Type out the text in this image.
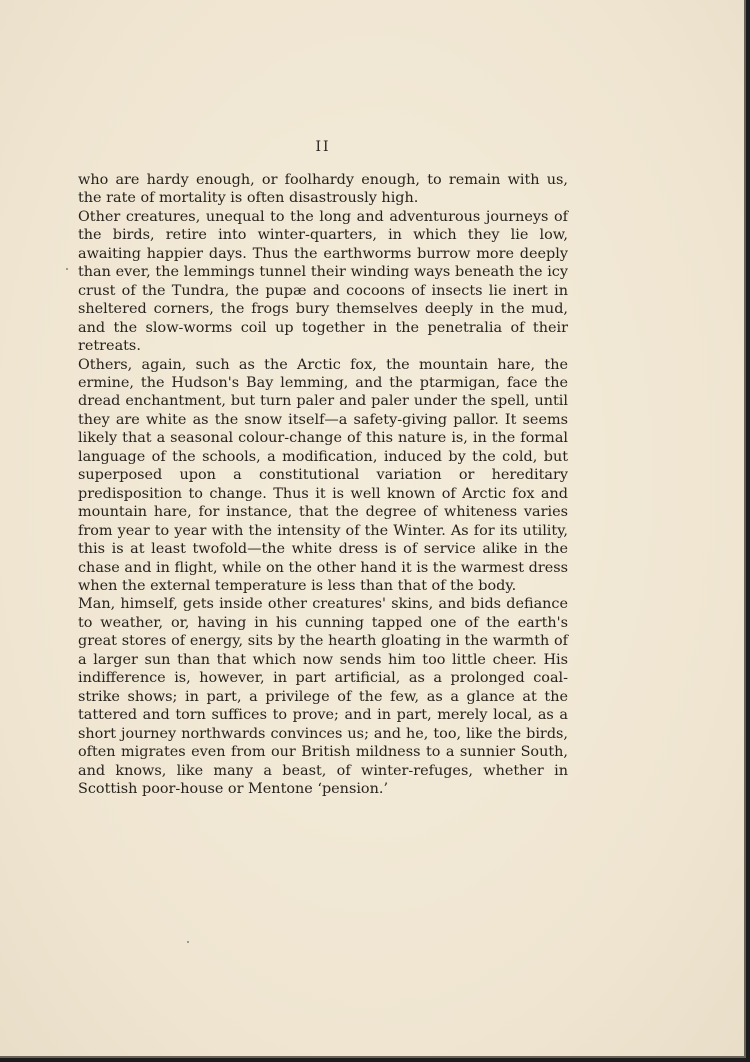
II

who are hardy enough, or foolhardy enough, to remain with us, the rate of mortality is often disastrously high.

Other creatures, unequal to the long and adventurous journeys of the birds, retire into winter-quarters, in which they lie low, awaiting happier days. Thus the earthworms burrow more deeply than ever, the lemmings tunnel their winding ways beneath the icy crust of the Tundra, the pupæ and cocoons of insects lie inert in sheltered corners, the frogs bury themselves deeply in the mud, and the slow-worms coil up together in the penetralia of their retreats.

Others, again, such as the Arctic fox, the mountain hare, the ermine, the Hudson's Bay lemming, and the ptarmigan, face the dread enchantment, but turn paler and paler under the spell, until they are white as the snow itself—a safety-giving pallor. It seems likely that a seasonal colour-change of this nature is, in the formal language of the schools, a modification, induced by the cold, but superposed upon a constitutional variation or hereditary predisposition to change. Thus it is well known of Arctic fox and mountain hare, for instance, that the degree of whiteness varies from year to year with the intensity of the Winter. As for its utility, this is at least twofold—the white dress is of service alike in the chase and in flight, while on the other hand it is the warmest dress when the external temperature is less than that of the body.

Man, himself, gets inside other creatures' skins, and bids defiance to weather, or, having in his cunning tapped one of the earth's great stores of energy, sits by the hearth gloating in the warmth of a larger sun than that which now sends him too little cheer. His indifference is, however, in part artificial, as a prolonged coal-strike shows; in part, a privilege of the few, as a glance at the tattered and torn suffices to prove; and in part, merely local, as a short journey northwards convinces us; and he, too, like the birds, often migrates even from our British mildness to a sunnier South, and knows, like many a beast, of winter-refuges, whether in Scottish poor-house or Mentone ‘pension.’
